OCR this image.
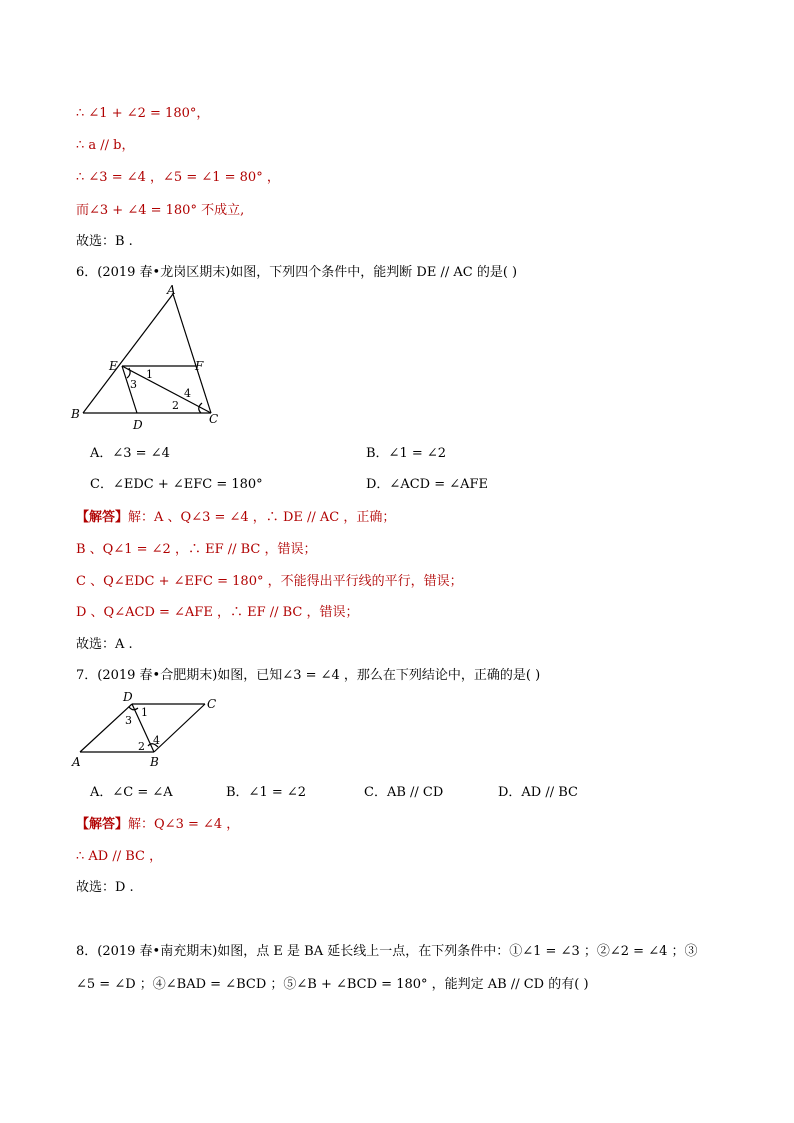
∴ ∠1 + ∠2 = 180°，
∴ a // b，
∴ ∠3 = ∠4 ，∠5 = ∠1 = 80° ，
而∠3 + ∠4 = 180° 不成立,
故选：B .
6．(2019 春•龙岗区期末)如图，下列四个条件中，能判断 DE // AC 的是( )
A
B	C
D
E	F
1
2
3
4
A．∠3 = ∠4	B．∠1 = ∠2
C．∠EDC + ∠EFC = 180°	D．∠ACD = ∠AFE
【解答】解：A 、Q∠3 = ∠4 ，∴ DE // AC ，正确；
B 、Q∠1 = ∠2 ，∴ EF // BC ，错误；
C 、Q∠EDC + ∠EFC = 180° ，不能得出平行线的平行，错误；
D 、Q∠ACD = ∠AFE ，∴ EF // BC ，错误；
故选：A .
7．(2019 春•合肥期末)如图，已知∠3 = ∠4 ，那么在下列结论中，正确的是( )
D	C
A	B
1
2
3
4
A．∠C = ∠A	B．∠1 = ∠2	C．AB // CD	D．AD // BC
【解答】解：Q∠3 = ∠4 ，
∴ AD // BC ，
故选：D .
8．(2019 春•南充期末)如图，点 E 是 BA 延长线上一点，在下列条件中：①∠1 = ∠3 ；②∠2 = ∠4 ；③
∠5 = ∠D ；④∠BAD = ∠BCD ；⑤∠B + ∠BCD = 180° ，能判定 AB // CD 的有( )
